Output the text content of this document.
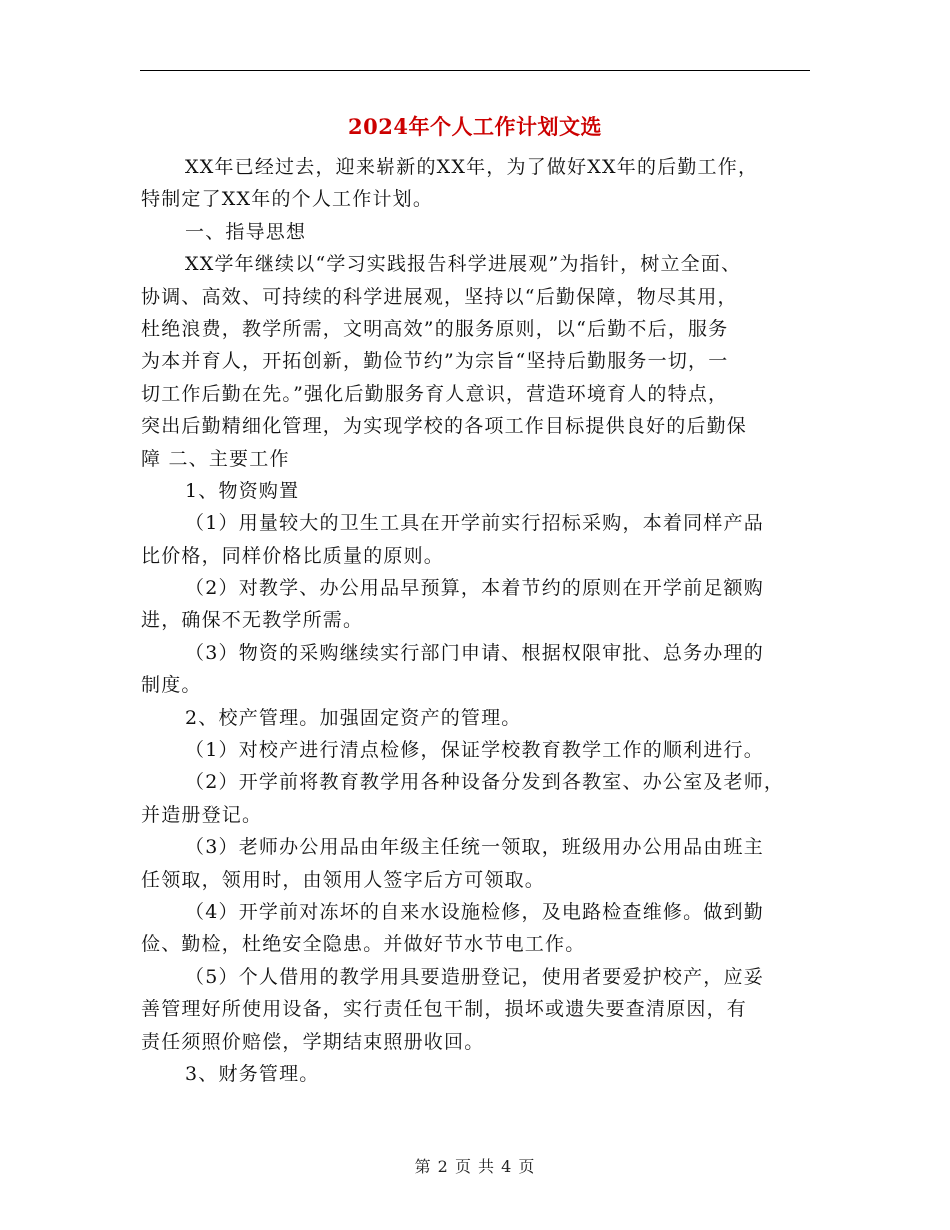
2024年个人工作计划文选

XX年已经过去，迎来崭新的XX年，为了做好XX年的后勤工作，
特制定了XX年的个人工作计划。
一、指导思想
XX学年继续以“学习实践报告科学进展观”为指针，树立全面、
协调、高效、可持续的科学进展观，坚持以“后勤保障，物尽其用，
杜绝浪费，教学所需，文明高效”的服务原则，以“后勤不后，服务
为本并育人，开拓创新，勤俭节约”为宗旨“坚持后勤服务一切，一
切工作后勤在先。”强化后勤服务育人意识，营造环境育人的特点，
突出后勤精细化管理，为实现学校的各项工作目标提供良好的后勤保
障 二、主要工作
1、物资购置
（1）用量较大的卫生工具在开学前实行招标采购，本着同样产品
比价格，同样价格比质量的原则。
（2）对教学、办公用品早预算，本着节约的原则在开学前足额购
进，确保不无教学所需。
（3）物资的采购继续实行部门申请、根据权限审批、总务办理的
制度。
2、校产管理。加强固定资产的管理。
（1）对校产进行清点检修，保证学校教育教学工作的顺利进行。
（2）开学前将教育教学用各种设备分发到各教室、办公室及老师，
并造册登记。
（3）老师办公用品由年级主任统一领取，班级用办公用品由班主
任领取，领用时，由领用人签字后方可领取。
（4）开学前对冻坏的自来水设施检修，及电路检查维修。做到勤
俭、勤检，杜绝安全隐患。并做好节水节电工作。
（5）个人借用的教学用具要造册登记，使用者要爱护校产，应妥
善管理好所使用设备，实行责任包干制，损坏或遗失要查清原因，有
责任须照价赔偿，学期结束照册收回。
3、财务管理。

第 2 页 共 4 页
